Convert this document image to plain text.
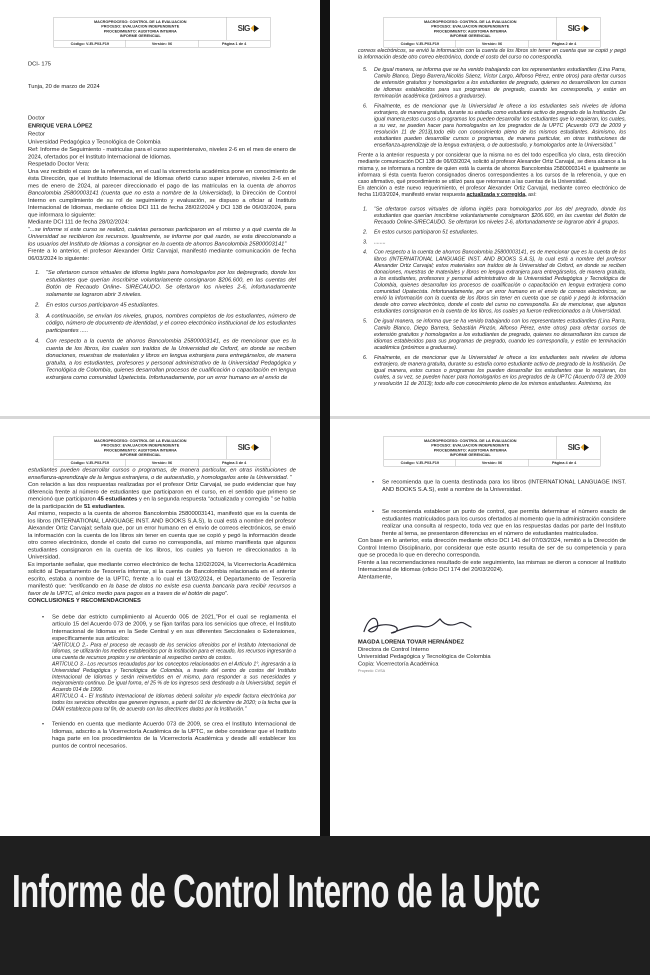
MACROPROCESO: CONTROL DE LA EVALUACION
PROCESO: EVALUACION INDEPENDIENTE
PROCEDIMIENTO: AUDITORIA INTERNA
INFORME GERENCIAL
SIG
Código: V-EI-P03-F19	Versión: 06	Página 1 de 4
DCI- 175
Tunja, 20 de marzo de 2024
Doctor
ENRIQUE VERA LÓPEZ
Rector
Universidad Pedagógica y Tecnológica de Colombia

Ref: Informe de Seguimiento - matriculas para el curso superintensivo, niveles 2-6 en el mes de enero de 2024, ofertados por el Instituto Internacional de Idiomas.

Respetado Doctor Vera:

Una vez recibido el caso de la referencia, en el cual la vicerrectoría académica pone en conocimiento de ésta Dirección, que el Instituto Internacional de Idiomas ofertó curso super intensivo, niveles 2-6 en el mes de enero de 2024, al parecer direccionado el pago de las matriculas en la cuenta de ahorros Bancolombia 25800003141 (cuenta que no esta a nombre de la Universidad), la Dirección de Control Interno en cumplimiento de su rol de seguimiento y evaluación, se dispuso a oficiar al Instituto Internacional de Idiomas, mediante oficios DCI 111 de fecha 28/02/2024 y DCI 138 de 06/03/2024, para que informara lo siguiente:

Mediante DCI 111 de fecha 28/02/2024:

“...se informe si este curso se realizó, cuántas personas participaron en el mismo y a qué cuenta de la Universidad se recibieron los recursos. Igualmente, se informe por qué razón, se esta direccionando a los usuarios del Instituto de Idiomas a consignar en la cuenta de ahorros Bancolombia 25800003141”

Frente a lo anterior, el profesor Alexander Ortiz Carvajal, manifestó mediante comunicación de fecha 06/03/2024 lo siguiente:

1. “Se ofertaron cursos virtuales de idioma Inglés para homologarlos por los delpregrado, donde los estudiantes que querían inscribirse voluntariamente consignaron $206.600, en las cuentas del Botón de Recaudo Online- SIRECAUDO. Se ofertaron los niveles 2-6, infortunadamente solamente se lograron abrir 3 niveles.
2. En estos cursos participaron 45 estudiantes.
3. A continuación, se envían los niveles, grupos, nombres completos de los estudiantes, número de código, número de documento de identidad, y el correo electrónico institucional de los estudiantes participantes .....
4. Con respecto a la cuenta de ahorros Bancolombia 25800003141, es de mencionar que es la cuenta de los libros, los cuales son traídos de la Universidad de Oxford, en donde se reciben donaciones, muestras de materiales y libros en lengua extranjera para entregárselos, de manera gratuita, a los estudiantes, profesores y personal administrativo de la Universidad Pedagógica y Tecnológica de Colombia, quienes desarrollan procesos de cualificación o capacitación en lengua extranjera como comunidad Upetecista. Infortunadamente, por un error humano en el envío de
MACROPROCESO: CONTROL DE LA EVALUACION
PROCESO: EVALUACION INDEPENDIENTE
PROCEDIMIENTO: AUDITORIA INTERNA
INFORME GERENCIAL
SIG
Código: V-EI-P03-F19	Versión: 06	Página 2 de 4

correos electrónicos, se envió la información con la cuenta de los libros sin tener en cuenta que se copió y pegó la información desde otro correo electrónico, donde el costo del curso no correspondía.

5. De igual manera, se informa que se ha venido trabajando con los representantes estudiantiles (Lina Parra, Camilo Blanco, Diego Barrera,Nicolás Sáenz, Víctor Largo, Alfonso Pérez, entre otros) para ofertar cursos de extensión gratuitos y homologarlos a los estudiantes de pregrado, quienes no desarrollaron los cursos de idiomas establecidos para sus programas de pregrado, cuando les correspondía, y están en terminación académica (próximos a graduarse).
6. Finalmente, es de mencionar que la Universidad le ofrece a los estudiantes seis niveles de idioma extranjero, de manera gratuita, durante su estadía como estudiante activo de pregrado de la Institución. De igual manera,estos cursos o programas los pueden desarrollar los estudiantes que lo requieran, los cuales, a su vez, se pueden hacer para homologarlos en los pregrados de la UPTC (Acuerdo 073 de 2009 y resolución 11 de 2013),todo ello con conocimiento pleno de los mismos estudiantes. Asimismo, los estudiantes pueden desarrollar cursos o programas, de manera particular, en otras instituciones de enseñanza-aprendizaje de la lengua extranjera, o de autoestudio, y homologarlos ante la Universidad.”

Frente a la anterior respuesta y por considerar que la misma no es del todo específica y/o clara, esta dirección mediante comunicación DCI 138 de 06/03/2024, solicitó al profesor Alexander Ortiz Carvajal, se diera alcance a la misma y, se informara a nombre de quien está la cuenta de ahorros Bancolombia 25800003141 e igualmente se informara si ésta cuenta fueron consignados dineros correspondientes a los cursos de la referencia, y que en caso afirmativo, qué procedimiento se utilizó para que retornaran a las cuentas de la Universidad.

En atención a este nuevo requerimiento, el profesor Alexander Ortiz Carvajal, mediante correo electrónico de fecha 11/03/2024, manifestó enviar respuesta actualizada y corregida, así:

1. “Se ofertaron cursos virtuales de idioma inglés para homologarlos por los del pregrado, donde los estudiantes que querían inscribirse voluntariamente consignaron $206.600, en las cuentas del Botón de Recaudo Online-SIRECAUDO. Se ofertaron los niveles 2-6, afortunadamente se lograron abrir 4 grupos.
2. En estos cursos participaron 51 estudiantes.
3. ........
4. Con respecto a la cuenta de ahorros Bancolombia 25800003141, es de mencionar que es la cuenta de los libros (INTERNATIONAL LANGUAGE INST. AND BOOKS S.A.S), la cual está a nombre del profesor Alexander Ortiz Carvajal; estos materiales son traídos de la Universidad de Oxford, en donde se reciben donaciones, muestras de materiales y libros en lengua extranjera para entregárselos, de manera gratuita, a los estudiantes, profesores y personal administrativo de la Universidad Pedagógica y Tecnológica de Colombia, quienes desarrollan los procesos de cualificación o capacitación en lengua extranjera como comunidad Upatecista. Infortunadamente, por un error humano en el envío de correos electrónicos, se envió la información con la cuenta de los libros sin tener en cuenta que se copió y pegó la información desde otro correo electrónico, donde el costo del curso no correspondía. Es de mencionar, que algunos estudiantes consignaron en la cuenta de los libros, los cuales ya fueron redireccionados a la Universidad.
5. De igual manera, se informa que se ha venido trabajando con los representantes estudiantiles (Lina Parra, Camilo Blanco, Diego Barrera, Sebastián Pinzón, Alfonso Pérez, entre otros) para ofertar cursos de extensión gratuitos y homologarlos a los estudiantes de pregrado, quienes no desarrollaron los cursos de idiomas establecidos para sus programas de pregrado, cuando les correspondía, y están en terminación académica (próximos a graduarse).
6. Finalmente, es de mencionar que la Universidad le ofrece a los estudiantes seis niveles de idioma extranjero, de manera gratuita, durante su estadía como estudiante activo de pregrado de la Institución. De igual manera, estos cursos o programas los pueden desarrollar los estudiantes que lo requieran, los cuales, a su vez, se pueden hacer para homologarlos en los pregrados de la UPTC (Acuerdo 073 de 2009 y resolución 11 de 2013); todo ello con conocimiento pleno de los mismos estudiantes. Asimismo, los
MACROPROCESO: CONTROL DE LA EVALUACION
PROCESO: EVALUACION INDEPENDIENTE
PROCEDIMIENTO: AUDITORIA INTERNA
INFORME GERENCIAL
SIG
Código: V-EI-P03-F19	Versión: 06	Página 3 de 4

estudiantes pueden desarrollar cursos o programas, de manera particular, en otras instituciones de enseñanza-aprendizaje de la lengua extranjera, o de autoestudio, y homologarlos ante la Universidad. ”

Con relación a las dos respuestas realizadas por el profesor Ortiz Carvajal, se pudo evidenciar que hay diferencia frente al número de estudiantes que participaron en el curso, en el sentido que primero se mencionó que participaron 45 estudiantes y en la segunda respuesta “actualizada y corregida ” se habla de la participación de 51 estudiantes.

Así mismo, respecto a la cuenta de ahorros Bancolombia 25800003141, manifestó que es la cuenta de los libros (INTERNATIONAL LANGUAGE INST. AND BOOKS S.A.S), la cual está a nombre del profesor Alexander Ortiz Carvajal; señala que, por un error humano en el envío de correos electrónicos, se envió la información con la cuenta de los libros sin tener en cuenta que se copió y pegó la información desde otro correo electrónico, donde el costo del curso no correspondía, así mismo manifiesta que algunos estudiantes consignaron en la cuenta de los libros, los cuales ya fueron re direccionados a la Universidad.

Es importante señalar, que mediante correo electrónico de fecha 12/02/2024, la Vicerrectoría Académica solicitó al Departamento de Tesorería informar, si la cuenta de Bancolombia relacionada en el anterior escrito, estaba a nombre de la UPTC, frente a lo cual el 13/02/2024, el Departamento de Tesorería manifestó que: “verificando en la base de datos no existe esa cuenta bancaria para recibir recursos a favor de la UPTC, el único medio para pagos es a traves de el botón de pago”.

CONCLUSIONES Y RECOMENDACIONES

• Se debe dar estricto cumplimiento al Acuerdo 005 de 2021,”Por el cual se reglamenta el artículo 15 del Acuerdo 073 de 2009, y se fijan tarifas para los servicios que ofrece, el Instituto Internacional de Idiomas en la Sede Central y en sus diferentes Seccionales o Extensiones, específicamente sus artículos:

“ARTÍCULO 2.- Para el proceso de recaudo de los servicios ofrecidos por el Instituto Internacional de Idiomas, se utilizarán los medios establecidos por la institución para el recaudo, los recursos ingresarán a una cuenta de recursos propios y se orientarán al respectivo centro de costos.

ARTÍCULO 3.- Los recursos recaudados por los conceptos relacionados en el Artículo 1°, ingresarán a la Universidad Pedagógica y Tecnológica de Colombia, a través del centro de costos del Instituto Internacional de Idiomas y serán reinvertidos en el mismo, para responder a sus necesidades y mejoramiento continuo. De igual forma, el 25 % de los ingresos será destinado a la Universidad, según el Acuerdo 014 de 1999.

ARTÍCULO 4.- El Instituto Internacional de Idiomas deberá solicitar y/o expedir factura electrónica por todos los servicios ofrecidos que generen ingresos, a partir del 01 de diciembre de 2020; o la fecha que la DIAN establezca para tal fin, de acuerdo con las directrices dadas por la Institución.”

• Teniendo en cuenta que mediante Acuerdo 073 de 2009, se crea el Instituto Internacional de Idiomas, adscrito a la Vicerrectoría Académica de la UPTC, se debe considerar que el Instituto haga parte en los procedimientos de la Vicerrectoría Académica y desde allí establecer los puntos de control necesarios.
MACROPROCESO: CONTROL DE LA EVALUACION
PROCESO: EVALUACION INDEPENDIENTE
PROCEDIMIENTO: AUDITORIA INTERNA
INFORME GERENCIAL
SIG
Código: V-EI-P03-F19	Versión: 06	Página 4 de 4
• Se recomienda que la cuenta destinada para los libros (INTERNATIONAL LANGUAGE INST. AND BOOKS S.A.S), esté a nombre de la Universidad.
• Se recomienda establecer un punto de control, que permita determinar el número exacto de estudiantes matriculados para los cursos ofertados al momento que la administración considere realizar una consulta al respecto, toda vez que en las respuestas dadas por parte del Instituto frente al tema, se presentaron diferencias en el número de estudiantes matriculados.

Con base en lo anterior, esta dirección mediante oficio DCI 141 del 07/03/2024, remitió a la Dirección de Control Interno Disciplinario, por considerar que este asunto resulta de ser de su competencia y para que se proceda lo que en derecho corresponda.

Frente a las recomendaciones resultado de este seguimiento, las mismas se dieron a conocer al Instituto Internacional de Idiomas (oficio DCI 174 del 20/03/2024).

Atentamente,

MAGDA LORENA TOVAR HERNÁNDEZ

Directora de Control Interno

Universidad Pedagógica y Tecnológica de Colombia

Copia: Vicerrectoría Académica

Proyectó: CVSA

Informe de Control Interno de la Uptc
